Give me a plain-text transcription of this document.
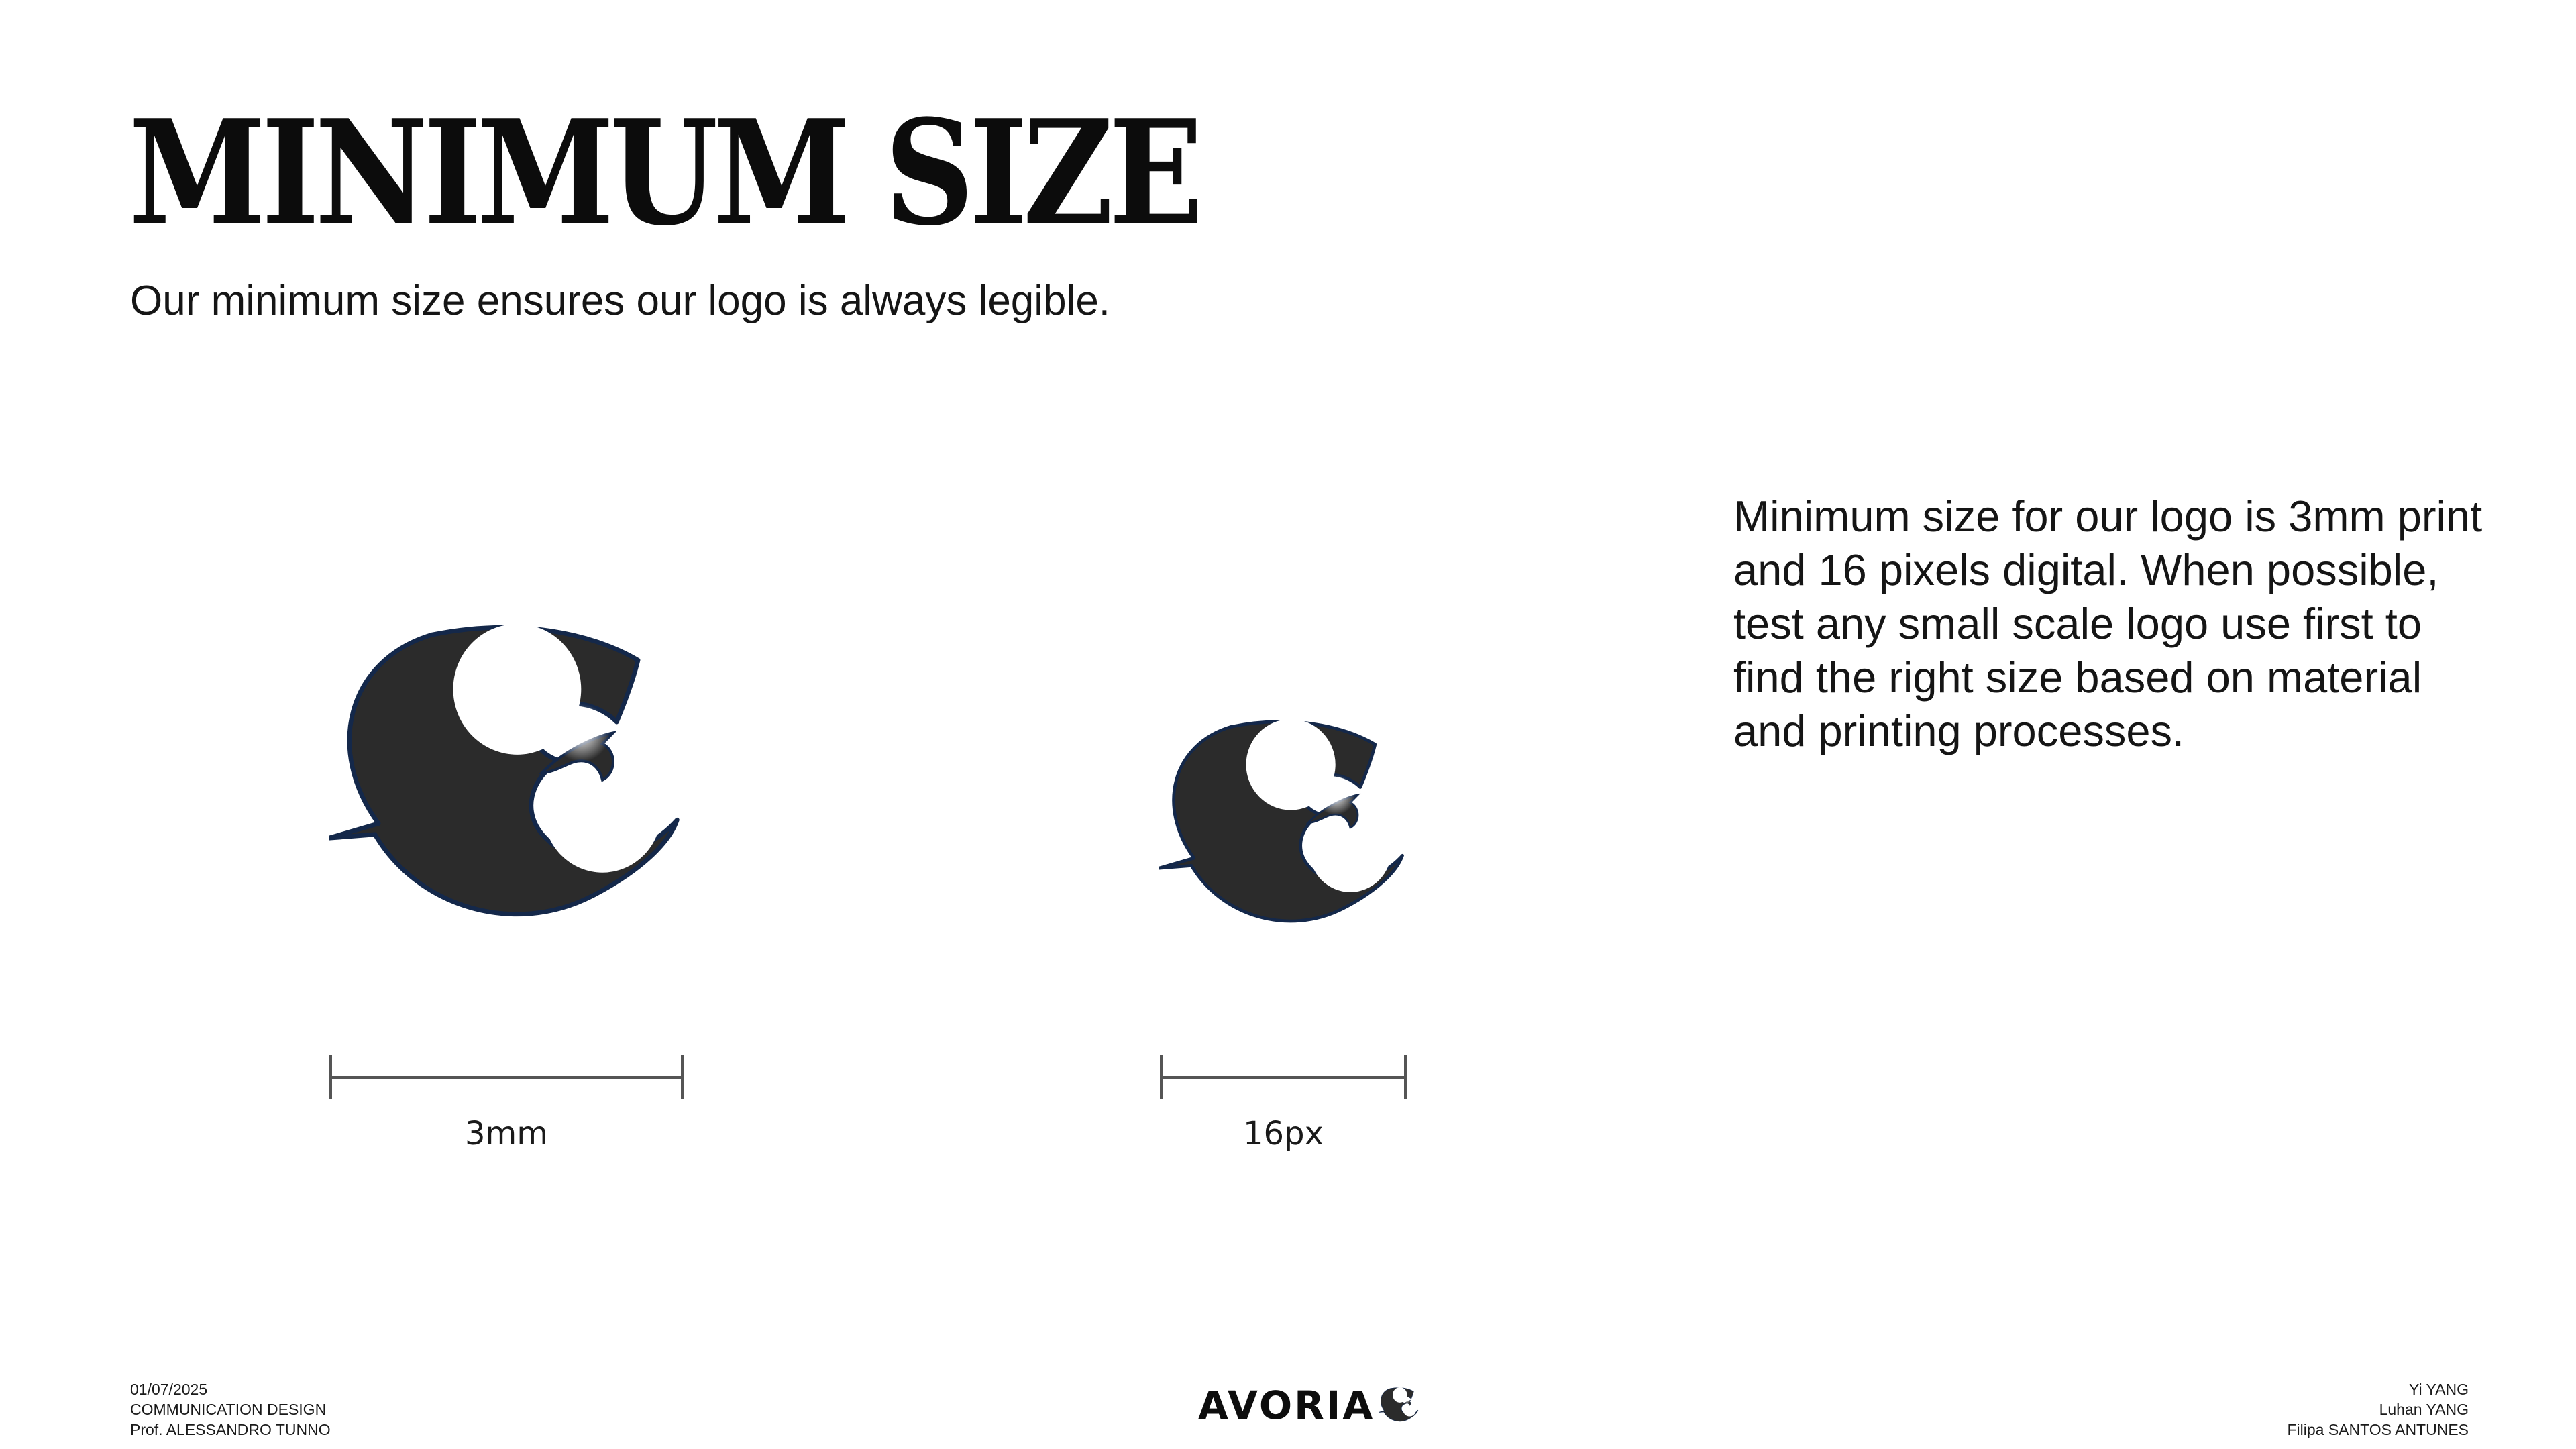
MINIMUM SIZE

Our minimum size ensures our logo is always legible.

Minimum size for our logo is 3mm print and 16 pixels digital. When possible, test any small scale logo use first to find the right size based on material and printing processes.

3mm	16px
01/07/2025
COMMUNICATION DESIGN
Prof. ALESSANDRO TUNNO
AVORIA	Yi YANG
Luhan YANG
Filipa SANTOS ANTUNES
